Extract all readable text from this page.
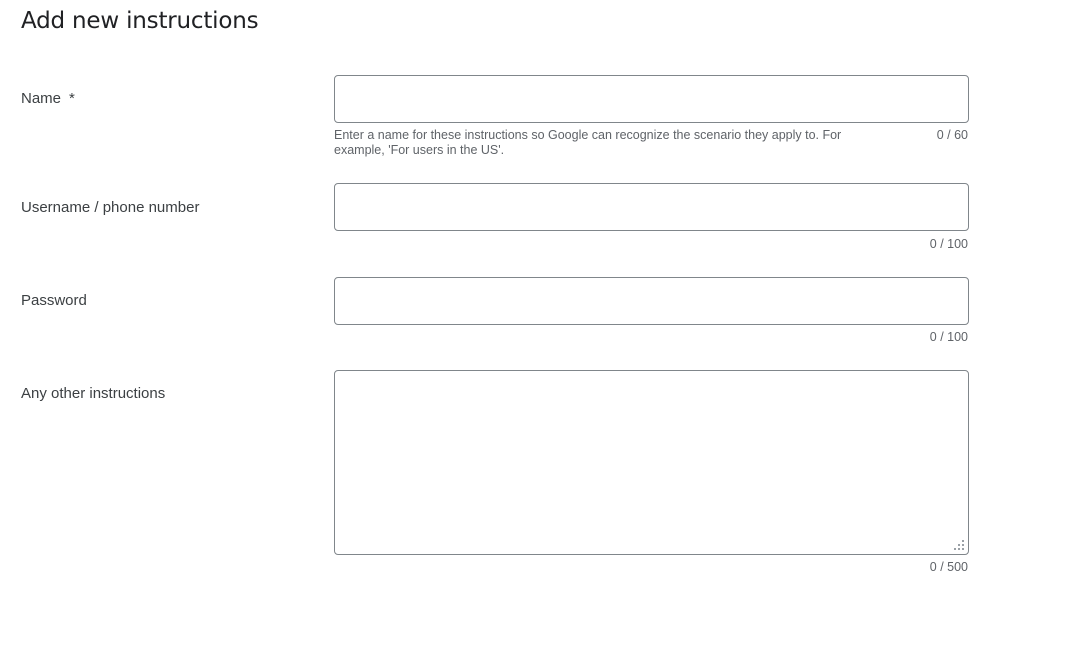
Add new instructions
Name *
Enter a name for these instructions so Google can recognize the scenario they apply to. For example, 'For users in the US'.
0 / 60
Username / phone number
0 / 100
Password
0 / 100
Any other instructions
0 / 500
